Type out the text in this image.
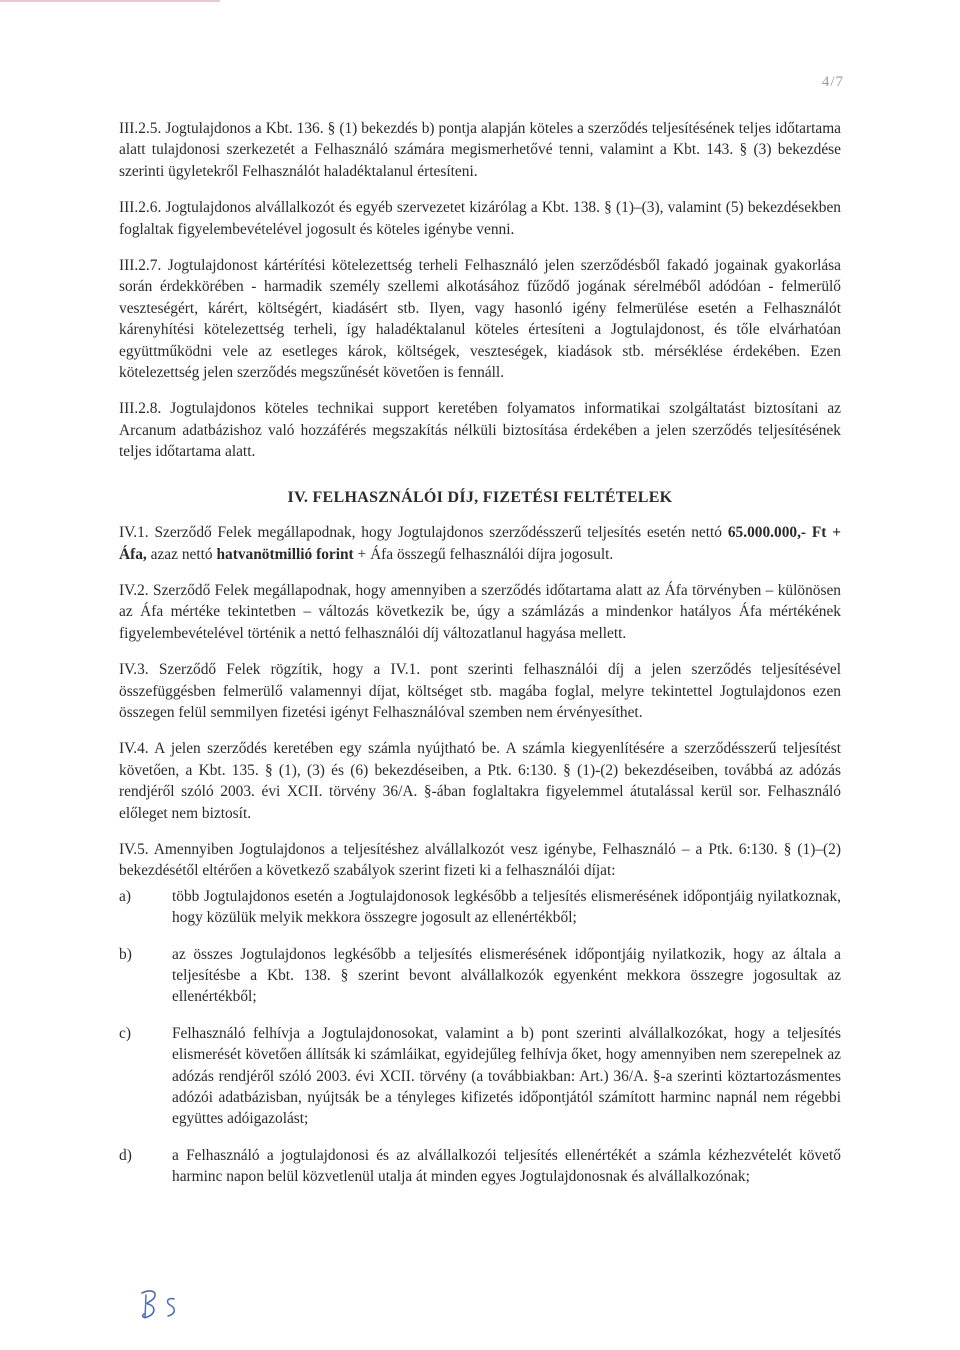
4/7

III.2.5. Jogtulajdonos a Kbt. 136. § (1) bekezdés b) pontja alapján köteles a szerződés teljesítésének teljes időtartama alatt tulajdonosi szerkezetét a Felhasználó számára megismerhetővé tenni, valamint a Kbt. 143. § (3) bekezdése szerinti ügyletekről Felhasználót haladéktalanul értesíteni.

III.2.6. Jogtulajdonos alvállalkozót és egyéb szervezetet kizárólag a Kbt. 138. § (1)–(3), valamint (5) bekezdésekben foglaltak figyelembevételével jogosult és köteles igénybe venni.

III.2.7. Jogtulajdonost kártérítési kötelezettség terheli Felhasználó jelen szerződésből fakadó jogainak gyakorlása során érdekkörében - harmadik személy szellemi alkotásához fűződő jogának sérelméből adódóan - felmerülő veszteségért, kárért, költségért, kiadásért stb. Ilyen, vagy hasonló igény felmerülése esetén a Felhasználót kárenyhítési kötelezettség terheli, így haladéktalanul köteles értesíteni a Jogtulajdonost, és tőle elvárhatóan együttműködni vele az esetleges károk, költségek, veszteségek, kiadások stb. mérséklése érdekében. Ezen kötelezettség jelen szerződés megszűnését követően is fennáll.

III.2.8. Jogtulajdonos köteles technikai support keretében folyamatos informatikai szolgáltatást biztosítani az Arcanum adatbázishoz való hozzáférés megszakítás nélküli biztosítása érdekében a jelen szerződés teljesítésének teljes időtartama alatt.

IV. FELHASZNÁLÓI DÍJ, FIZETÉSI FELTÉTELEK

IV.1. Szerződő Felek megállapodnak, hogy Jogtulajdonos szerződésszerű teljesítés esetén nettó 65.000.000,- Ft + Áfa, azaz nettó hatvanötmillió forint + Áfa összegű felhasználói díjra jogosult.

IV.2. Szerződő Felek megállapodnak, hogy amennyiben a szerződés időtartama alatt az Áfa törvényben – különösen az Áfa mértéke tekintetben – változás következik be, úgy a számlázás a mindenkor hatályos Áfa mértékének figyelembevételével történik a nettó felhasználói díj változatlanul hagyása mellett.

IV.3. Szerződő Felek rögzítik, hogy a IV.1. pont szerinti felhasználói díj a jelen szerződés teljesítésével összefüggésben felmerülő valamennyi díjat, költséget stb. magába foglal, melyre tekintettel Jogtulajdonos ezen összegen felül semmilyen fizetési igényt Felhasználóval szemben nem érvényesíthet.

IV.4. A jelen szerződés keretében egy számla nyújtható be. A számla kiegyenlítésére a szerződésszerű teljesítést követően, a Kbt. 135. § (1), (3) és (6) bekezdéseiben, a Ptk. 6:130. § (1)-(2) bekezdéseiben, továbbá az adózás rendjéről szóló 2003. évi XCII. törvény 36/A. §-ában foglaltakra figyelemmel átutalással kerül sor. Felhasználó előleget nem biztosít.

IV.5. Amennyiben Jogtulajdonos a teljesítéshez alvállalkozót vesz igénybe, Felhasználó – a Ptk. 6:130. § (1)–(2) bekezdésétől eltérően a következő szabályok szerint fizeti ki a felhasználói díjat:

a)	több Jogtulajdonos esetén a Jogtulajdonosok legkésőbb a teljesítés elismerésének időpontjáig nyilatkoznak, hogy közülük melyik mekkora összegre jogosult az ellenértékből;
b)	az összes Jogtulajdonos legkésőbb a teljesítés elismerésének időpontjáig nyilatkozik, hogy az általa a teljesítésbe a Kbt. 138. § szerint bevont alvállalkozók egyenként mekkora összegre jogosultak az ellenértékből;
c)	Felhasználó felhívja a Jogtulajdonosokat, valamint a b) pont szerinti alvállalkozókat, hogy a teljesítés elismerését követően állítsák ki számláikat, egyidejűleg felhívja őket, hogy amennyiben nem szerepelnek az adózás rendjéről szóló 2003. évi XCII. törvény (a továbbiakban: Art.) 36/A. §-a szerinti köztartozásmentes adózói adatbázisban, nyújtsák be a tényleges kifizetés időpontjától számított harminc napnál nem régebbi együttes adóigazolást;
d)	a Felhasználó a jogtulajdonosi és az alvállalkozói teljesítés ellenértékét a számla kézhezvételét követő harminc napon belül közvetlenül utalja át minden egyes Jogtulajdonosnak és alvállalkozónak;
